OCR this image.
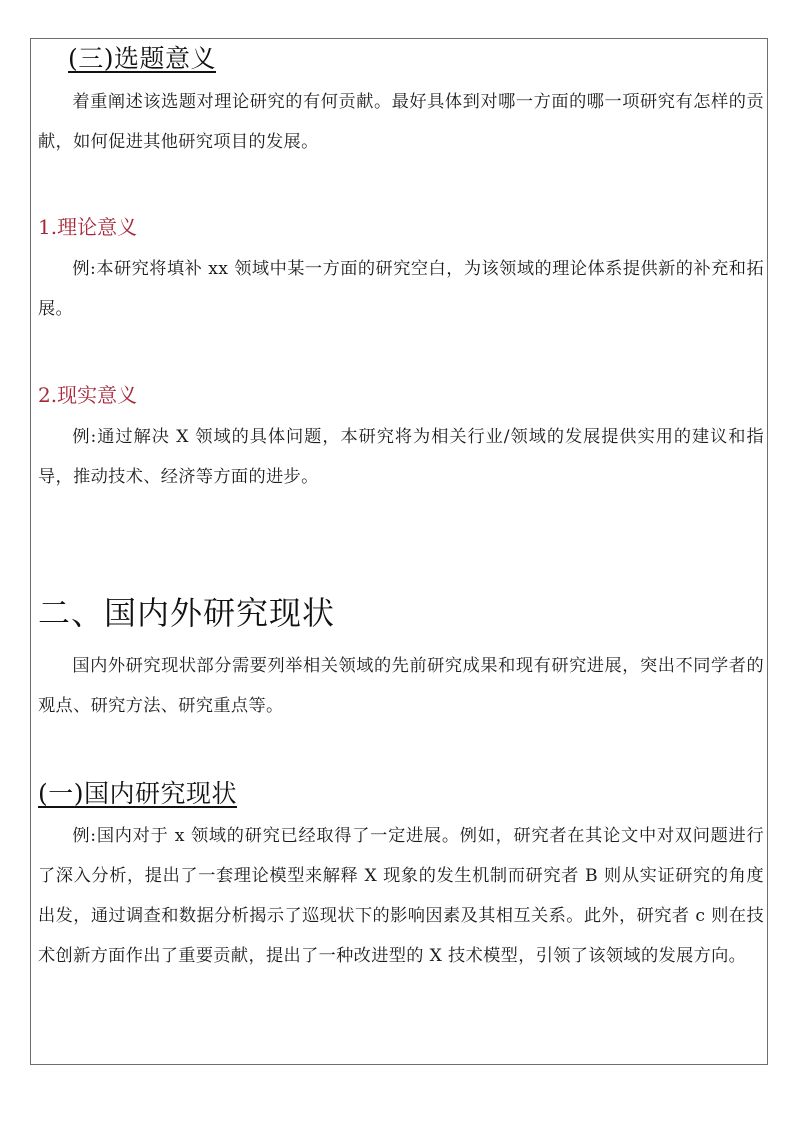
(三)选题意义

着重阐述该选题对理论研究的有何贡献。最好具体到对哪一方面的哪一项研究有怎样的贡献，如何促进其他研究项目的发展。

1.理论意义

例:本研究将填补 xx 领域中某一方面的研究空白，为该领域的理论体系提供新的补充和拓展。

2.现实意义

例:通过解决 X 领域的具体问题，本研究将为相关行业/领域的发展提供实用的建议和指导，推动技术、经济等方面的进步。

二、国内外研究现状

国内外研究现状部分需要列举相关领域的先前研究成果和现有研究进展，突出不同学者的观点、研究方法、研究重点等。

(一)国内研究现状

例:国内对于 x 领域的研究已经取得了一定进展。例如，研究者在其论文中对双问题进行了深入分析，提出了一套理论模型来解释 X 现象的发生机制而研究者 B 则从实证研究的角度出发，通过调查和数据分析揭示了巡现状下的影响因素及其相互关系。此外，研究者 c 则在技术创新方面作出了重要贡献，提出了一种改进型的 X 技术模型，引领了该领域的发展方向。
